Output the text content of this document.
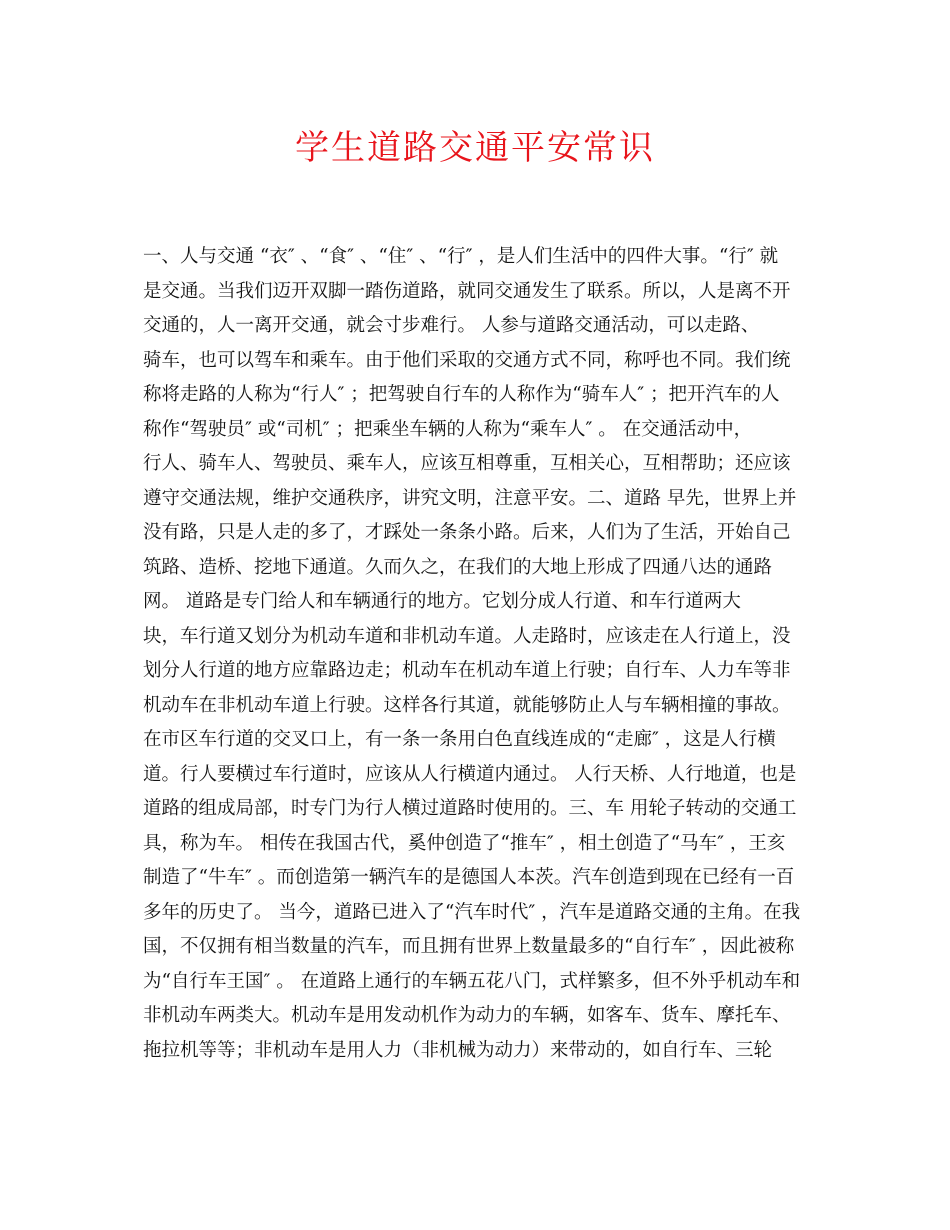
学生道路交通平安常识
一、人与交通 “衣″ 、“食″ 、“住″ 、“行″ ，是人们生活中的四件大事。“行″ 就
是交通。当我们迈开双脚一踏伤道路，就同交通发生了联系。所以，人是离不开
交通的，人一离开交通，就会寸步难行。 人参与道路交通活动，可以走路、
骑车，也可以驾车和乘车。由于他们采取的交通方式不同，称呼也不同。我们统
称将走路的人称为“行人″ ；把驾驶自行车的人称作为“骑车人″ ；把开汽车的人
称作“驾驶员″ 或“司机″ ；把乘坐车辆的人称为“乘车人″ 。 在交通活动中，
行人、骑车人、驾驶员、乘车人，应该互相尊重，互相关心，互相帮助；还应该
遵守交通法规，维护交通秩序，讲究文明，注意平安。二、道路 早先，世界上并
没有路，只是人走的多了，才踩处一条条小路。后来，人们为了生活，开始自己
筑路、造桥、挖地下通道。久而久之，在我们的大地上形成了四通八达的通路
网。 道路是专门给人和车辆通行的地方。它划分成人行道、和车行道两大
块，车行道又划分为机动车道和非机动车道。人走路时，应该走在人行道上，没
划分人行道的地方应靠路边走；机动车在机动车道上行驶；自行车、人力车等非
机动车在非机动车道上行驶。这样各行其道，就能够防止人与车辆相撞的事故。
在市区车行道的交叉口上，有一条一条用白色直线连成的“走廊″ ，这是人行横
道。行人要横过车行道时，应该从人行横道内通过。 人行天桥、人行地道，也是
道路的组成局部，时专门为行人横过道路时使用的。三、车 用轮子转动的交通工
具，称为车。 相传在我国古代，奚仲创造了“推车″ ，相土创造了“马车″ ，王亥
制造了“牛车″ 。而创造第一辆汽车的是德国人本茨。汽车创造到现在已经有一百
多年的历史了。 当今，道路已进入了“汽车时代″ ，汽车是道路交通的主角。在我
国，不仅拥有相当数量的汽车，而且拥有世界上数量最多的“自行车″ ，因此被称
为“自行车王国″ 。 在道路上通行的车辆五花八门，式样繁多，但不外乎机动车和
非机动车两类大。机动车是用发动机作为动力的车辆，如客车、货车、摩托车、
拖拉机等等；非机动车是用人力（非机械为动力）来带动的，如自行车、三轮
